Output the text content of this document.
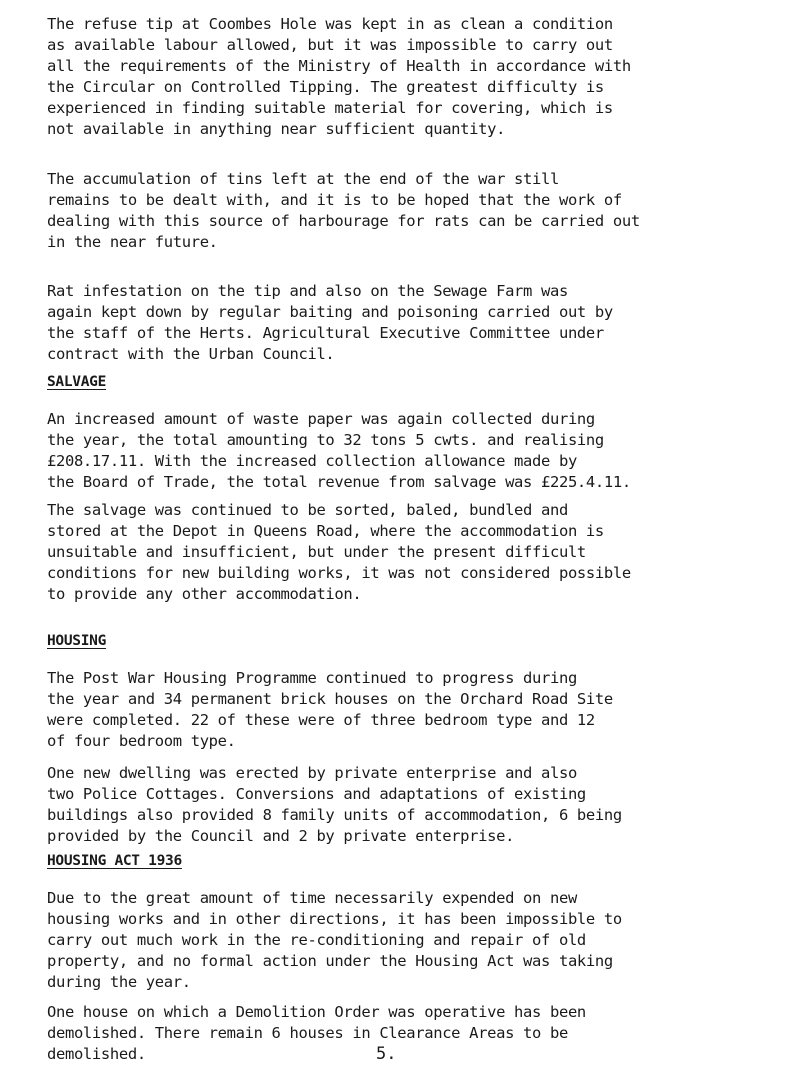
The refuse tip at Coombes Hole was kept in as clean a condition
as available labour allowed, but it was impossible to carry out
all the requirements of the Ministry of Health in accordance with
the Circular on Controlled Tipping. The greatest difficulty is
experienced in finding suitable material for covering, which is
not available in anything near sufficient quantity.

The accumulation of tins left at the end of the war still
remains to be dealt with, and it is to be hoped that the work of
dealing with this source of harbourage for rats can be carried out
in the near future.

Rat infestation on the tip and also on the Sewage Farm was
again kept down by regular baiting and poisoning carried out by
the staff of the Herts. Agricultural Executive Committee under
contract with the Urban Council.

SALVAGE

An increased amount of waste paper was again collected during
the year, the total amounting to 32 tons 5 cwts. and realising
£208.17.11. With the increased collection allowance made by
the Board of Trade, the total revenue from salvage was £225.4.11.

The salvage was continued to be sorted, baled, bundled and
stored at the Depot in Queens Road, where the accommodation is
unsuitable and insufficient, but under the present difficult
conditions for new building works, it was not considered possible
to provide any other accommodation.

HOUSING

The Post War Housing Programme continued to progress during
the year and 34 permanent brick houses on the Orchard Road Site
were completed. 22 of these were of three bedroom type and 12
of four bedroom type.

One new dwelling was erected by private enterprise and also
two Police Cottages. Conversions and adaptations of existing
buildings also provided 8 family units of accommodation, 6 being
provided by the Council and 2 by private enterprise.

HOUSING ACT 1936

Due to the great amount of time necessarily expended on new
housing works and in other directions, it has been impossible to
carry out much work in the re-conditioning and repair of old
property, and no formal action under the Housing Act was taking
during the year.

One house on which a Demolition Order was operative has been
demolished. There remain 6 houses in Clearance Areas to be
demolished.	5.
